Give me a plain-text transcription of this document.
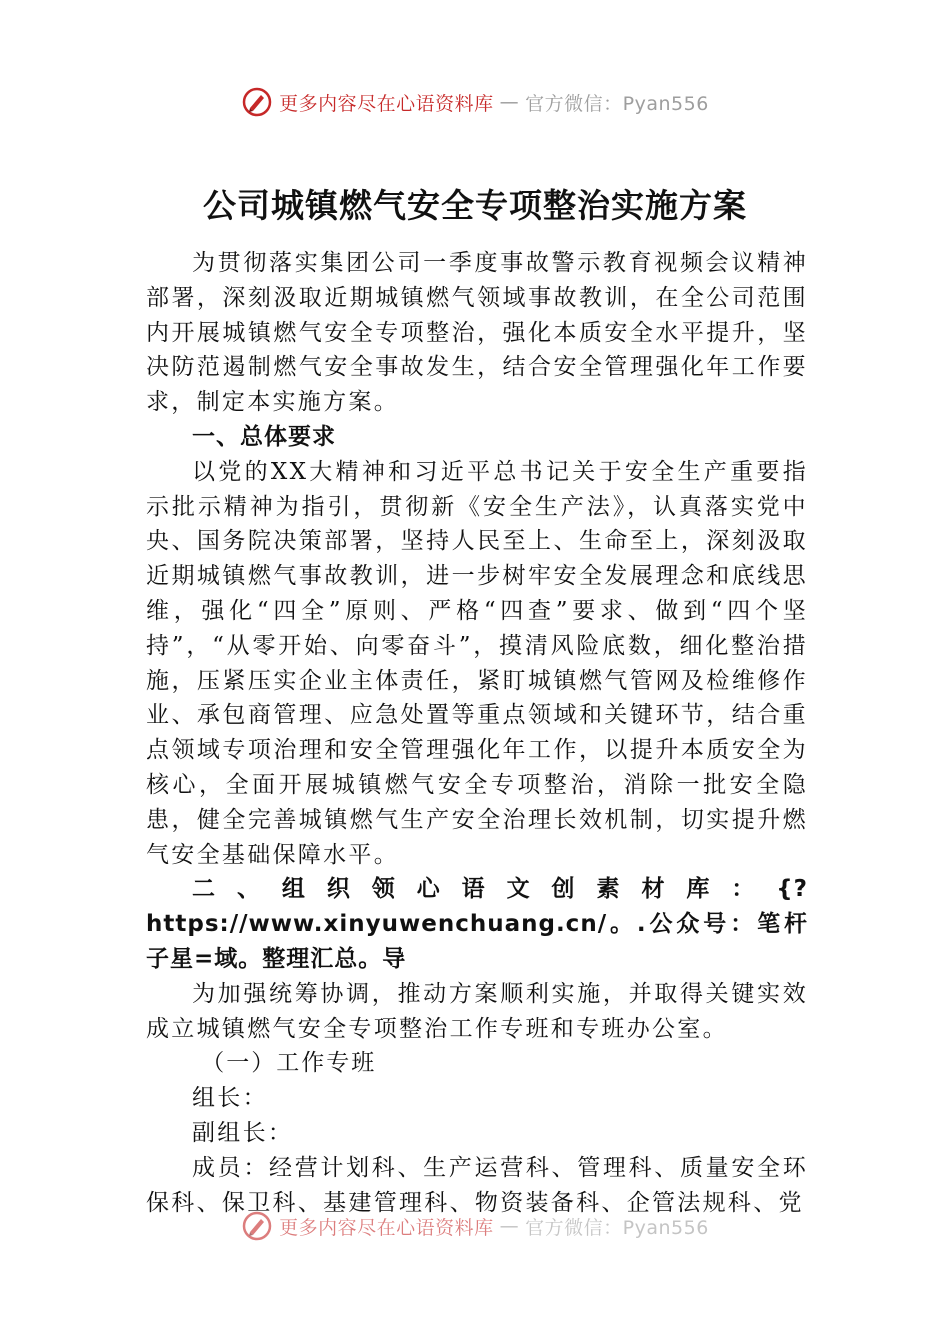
更多内容尽在心语资料库 — 官方微信：Pyan556
公司城镇燃气安全专项整治实施方案

为贯彻落实集团公司一季度事故警示教育视频会议精神部署，深刻汲取近期城镇燃气领域事故教训，在全公司范围内开展城镇燃气安全专项整治，强化本质安全水平提升，坚决防范遏制燃气安全事故发生，结合安全管理强化年工作要求，制定本实施方案。

一、总体要求

以党的XX大精神和习近平总书记关于安全生产重要指示批示精神为指引，贯彻新《安全生产法》，认真落实党中央、国务院决策部署，坚持人民至上、生命至上，深刻汲取近期城镇燃气事故教训，进一步树牢安全发展理念和底线思维，强化“四全”原则、严格“四查”要求、做到“四个坚持”，“从零开始、向零奋斗”，摸清风险底数，细化整治措施，压紧压实企业主体责任，紧盯城镇燃气管网及检维修作业、承包商管理、应急处置等重点领域和关键环节，结合重点领域专项治理和安全管理强化年工作，以提升本质安全为核心，全面开展城镇燃气安全专项整治，消除一批安全隐患，健全完善城镇燃气生产安全治理长效机制，切实提升燃气安全基础保障水平。

二、组织领心语文创素材库：{?https://www.xinyuwenchuang.cn/。.公众号：笔杆子星=域。整理汇总。导

为加强统筹协调，推动方案顺利实施，并取得关键实效成立城镇燃气安全专项整治工作专班和专班办公室。

（一）工作专班

组长：

副组长：

成员：经营计划科、生产运营科、管理科、质量安全环保科、保卫科、基建管理科、物资装备科、企管法规科、党

更多内容尽在心语资料库 — 官方微信：Pyan556
